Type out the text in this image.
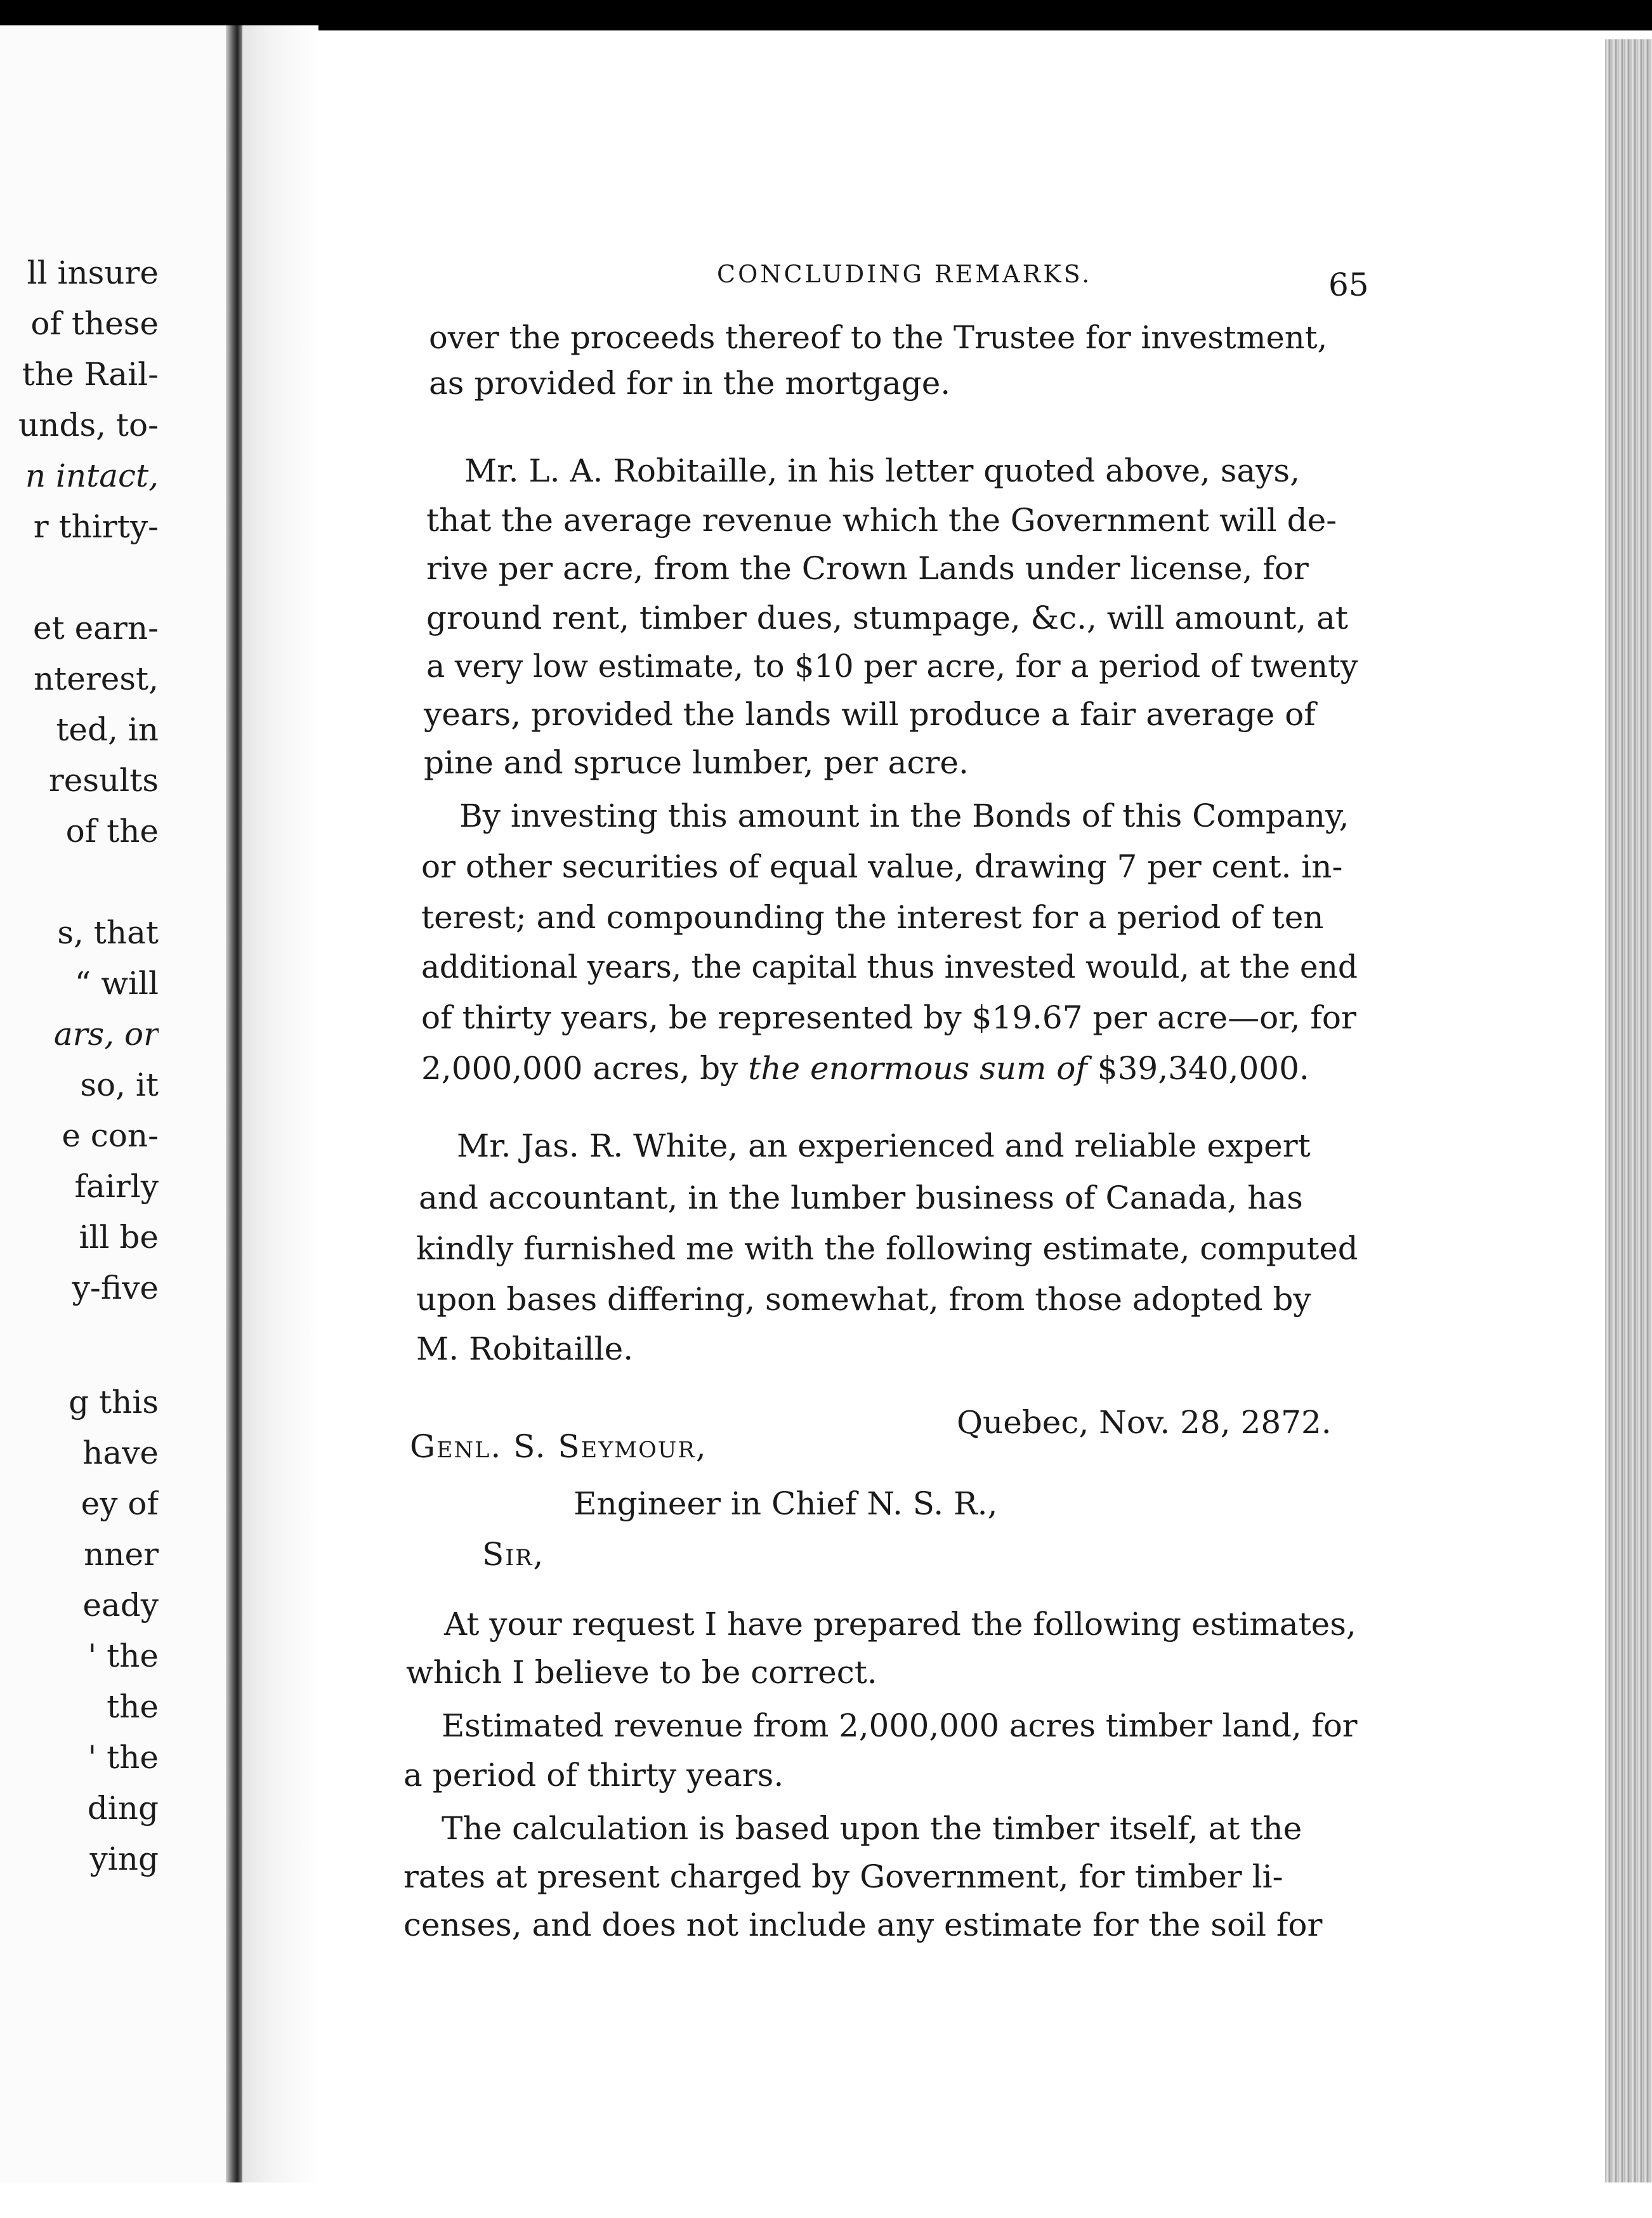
ll insure
of these
the Rail-
unds, to-
n intact,
r thirty-
et earn-
nterest,
ted, in
results
of the
s, that
“ will
ars, or
so, it
e con-
fairly
ill be
y-five
g this
have
ey of
nner
eady
' the
the
' the
ding
ying
CONCLUDING REMARKS.	65
over the proceeds thereof to the Trustee for investment,
as provided for in the mortgage.
Mr. L. A. Robitaille, in his letter quoted above, says,
that the average revenue which the Government will de-
rive per acre, from the Crown Lands under license, for
ground rent, timber dues, stumpage, &c., will amount, at
a very low estimate, to $10 per acre, for a period of twenty
years, provided the lands will produce a fair average of
pine and spruce lumber, per acre.
By investing this amount in the Bonds of this Company,
or other securities of equal value, drawing 7 per cent. in-
terest; and compounding the interest for a period of ten
additional years, the capital thus invested would, at the end
of thirty years, be represented by $19.67 per acre—or, for
2,000,000 acres, by the enormous sum of $39,340,000.
Mr. Jas. R. White, an experienced and reliable expert
and accountant, in the lumber business of Canada, has
kindly furnished me with the following estimate, computed
upon bases differing, somewhat, from those adopted by
M. Robitaille.
Quebec, Nov. 28, 2872.
Genl. S. Seymour,
Engineer in Chief N. S. R.,
Sir,
At your request I have prepared the following estimates,
which I believe to be correct.
Estimated revenue from 2,000,000 acres timber land, for
a period of thirty years.
The calculation is based upon the timber itself, at the
rates at present charged by Government, for timber li-
censes, and does not include any estimate for the soil for
